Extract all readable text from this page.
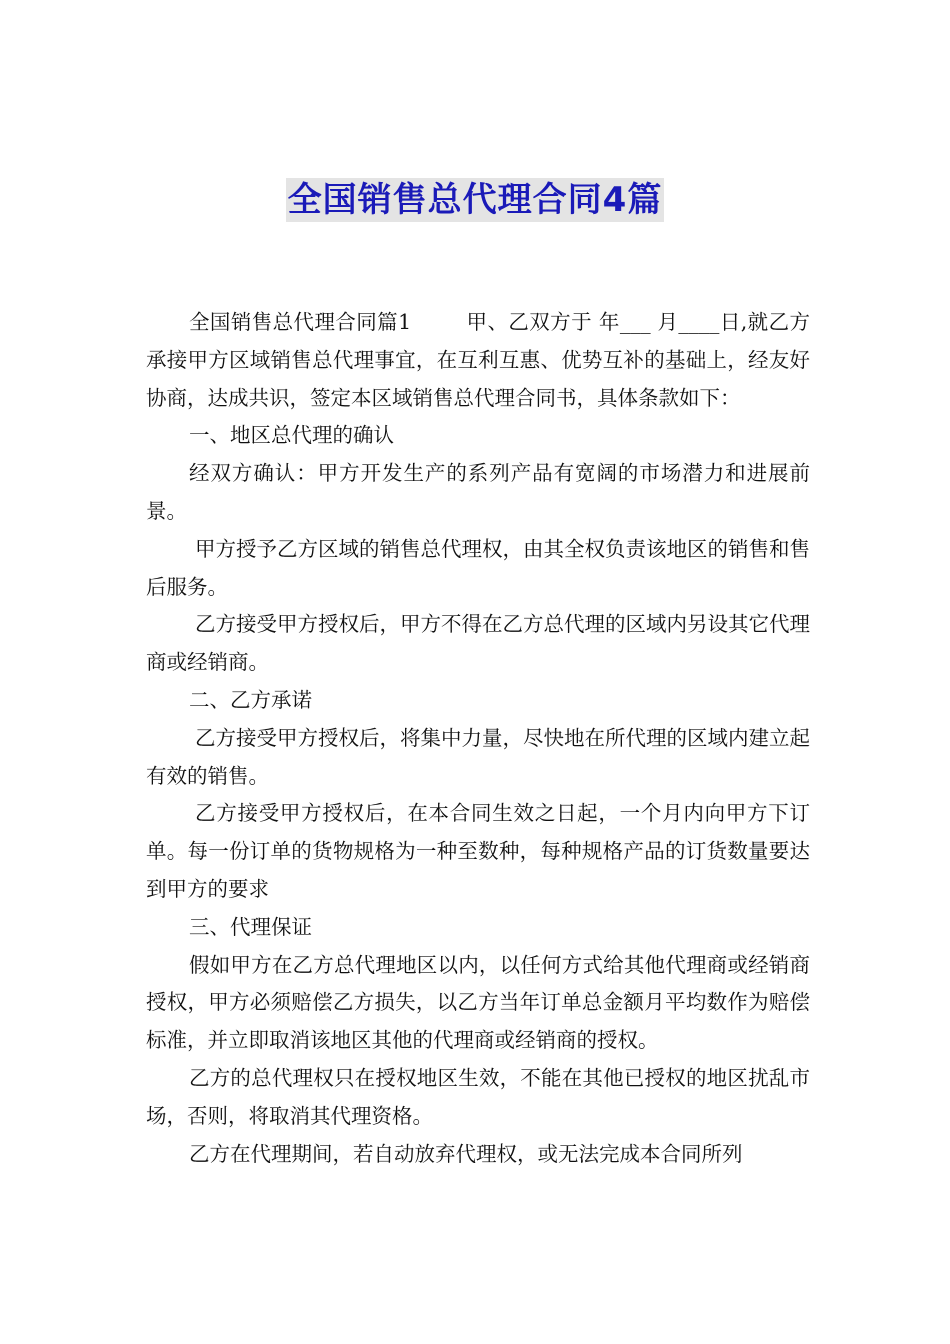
全国销售总代理合同4篇

全国销售总代理合同篇1        甲、乙双方于 年___ 月____日,就乙方承接甲方区域销售总代理事宜，在互利互惠、优势互补的基础上，经友好协商，达成共识，签定本区域销售总代理合同书，具体条款如下：

一、地区总代理的确认

经双方确认：甲方开发生产的系列产品有宽阔的市场潜力和进展前景。

甲方授予乙方区域的销售总代理权，由其全权负责该地区的销售和售后服务。

乙方接受甲方授权后，甲方不得在乙方总代理的区域内另设其它代理商或经销商。

二、乙方承诺

乙方接受甲方授权后，将集中力量，尽快地在所代理的区域内建立起有效的销售。

乙方接受甲方授权后，在本合同生效之日起，一个月内向甲方下订单。每一份订单的货物规格为一种至数种，每种规格产品的订货数量要达到甲方的要求

三、代理保证

假如甲方在乙方总代理地区以内，以任何方式给其他代理商或经销商授权，甲方必须赔偿乙方损失，以乙方当年订单总金额月平均数作为赔偿标准，并立即取消该地区其他的代理商或经销商的授权。

乙方的总代理权只在授权地区生效，不能在其他已授权的地区扰乱市场，否则，将取消其代理资格。

乙方在代理期间，若自动放弃代理权，或无法完成本合同所列
